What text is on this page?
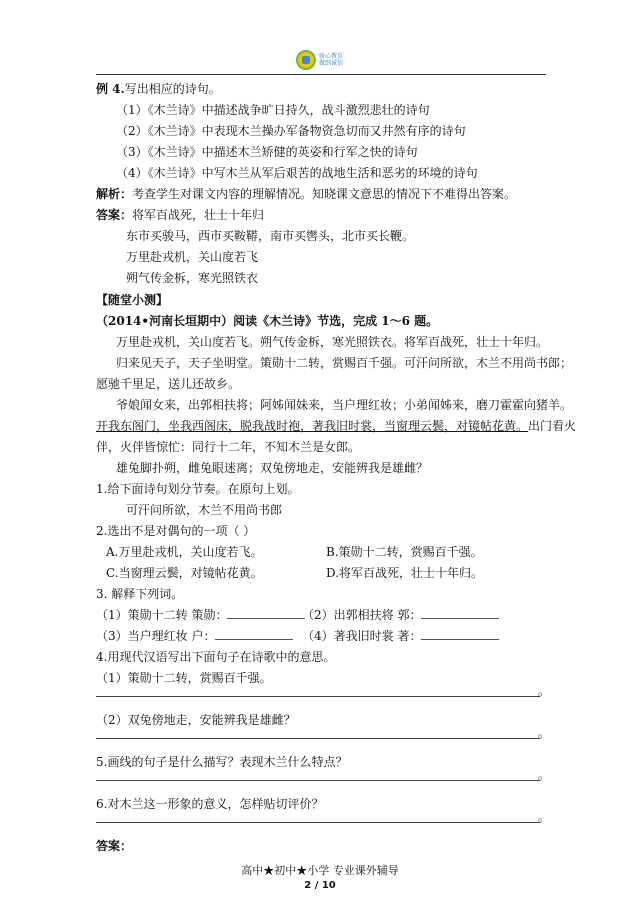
骄心教育
做到诚信
例 4.写出相应的诗句。
（1）《木兰诗》中描述战争旷日持久，战斗激烈悲壮的诗句
（2）《木兰诗》中表现木兰操办军备物资急切而又井然有序的诗句
（3）《木兰诗》中描述木兰矫健的英姿和行军之快的诗句
（4）《木兰诗》中写木兰从军后艰苦的战地生活和恶劣的环境的诗句
解析：考查学生对课文内容的理解情况。知晓课文意思的情况下不难得出答案。
答案：将军百战死，壮士十年归
东市买骏马，西市买鞍鞯，南市买辔头，北市买长鞭。
万里赴戎机，关山度若飞
朔气传金柝，寒光照铁衣
【随堂小测】
（2014•河南长垣期中）阅读《木兰诗》节选，完成 1～6 题。
万里赴戎机，关山度若飞。朔气传金柝，寒光照铁衣。将军百战死，壮士十年归。
归来见天子，天子坐明堂。策勋十二转，赏赐百千强。可汗问所欲，木兰不用尚书郎；
愿驰千里足，送儿还故乡。
爷娘闻女来，出郭相扶将；阿姊闻妹来，当户理红妆；小弟闻姊来，磨刀霍霍向猪羊。
开我东阁门，坐我西阁床，脱我战时袍，著我旧时裳，当窗理云鬓，对镜帖花黄。出门看火
伴，火伴皆惊忙：同行十二年，不知木兰是女郎。
雄兔脚扑朔，雌兔眼迷离；双兔傍地走，安能辨我是雄雌？
1.给下面诗句划分节奏。在原句上划。
可汗问所欲，木兰不用尚书郎
2.选出不是对偶句的一项（ ）
A.万里赴戎机，关山度若飞。	B.策勋十二转，赏赐百千强。
C.当窗理云鬓，对镜帖花黄。	D.将军百战死，壮士十年归。
3. 解释下列词。
（1）策勋十二转 策勋：	（2）出郭相扶将 郭：
（3）当户理红妆 户：	（4）著我旧时裳 著：
4.用现代汉语写出下面句子在诗歌中的意思。
（1）策勋十二转，赏赐百千强。
。
（2）双兔傍地走，安能辨我是雄雌？
。
5.画线的句子是什么描写？表现木兰什么特点？
。
6.对木兰这一形象的意义，怎样贴切评价？
。
答案：
高中★初中★小学 专业课外辅导
2 / 10
